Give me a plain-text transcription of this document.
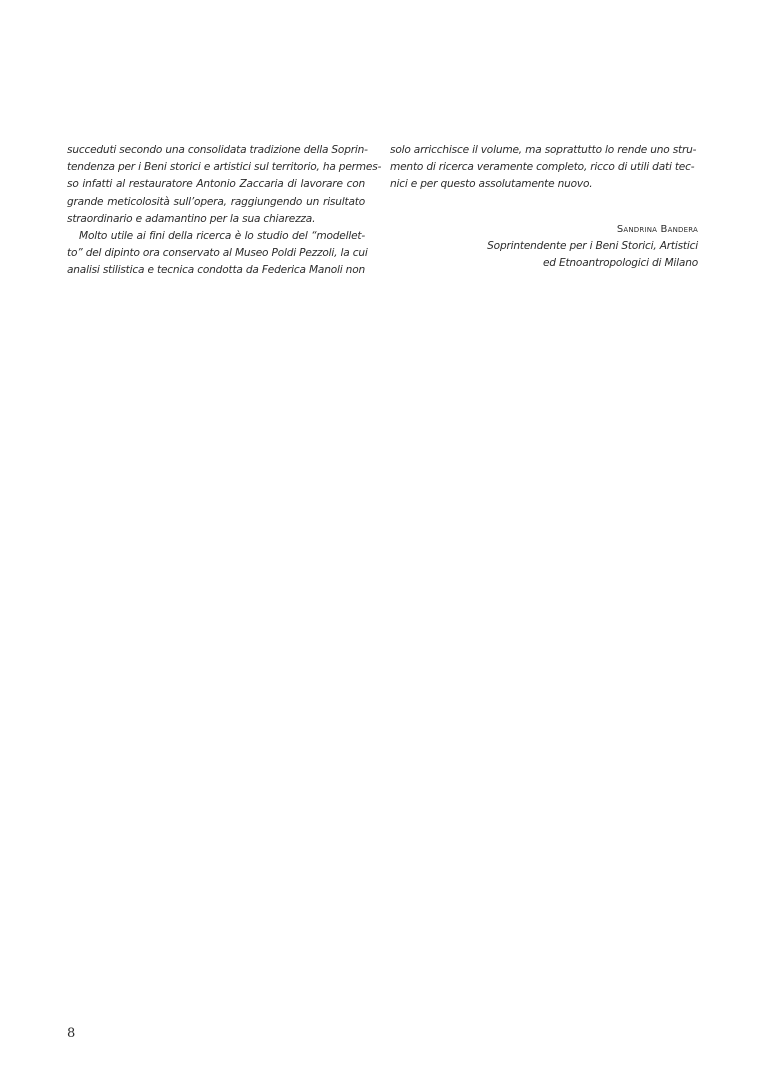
succeduti secondo una consolidata tradizione della Soprin-
tendenza per i Beni storici e artistici sul territorio, ha permes-
so infatti al restauratore Antonio Zaccaria di lavorare con
grande meticolosità sull’opera, raggiungendo un risultato
straordinario e adamantino per la sua chiarezza.
Molto utile ai fini della ricerca è lo studio del “modellet-
to” del dipinto ora conservato al Museo Poldi Pezzoli, la cui
analisi stilistica e tecnica condotta da Federica Manoli non
solo arricchisce il volume, ma soprattutto lo rende uno stru-
mento di ricerca veramente completo, ricco di utili dati tec-
nici e per questo assolutamente nuovo.
Sandrina Bandera
Soprintendente per i Beni Storici, Artistici
ed Etnoantropologici di Milano
8
